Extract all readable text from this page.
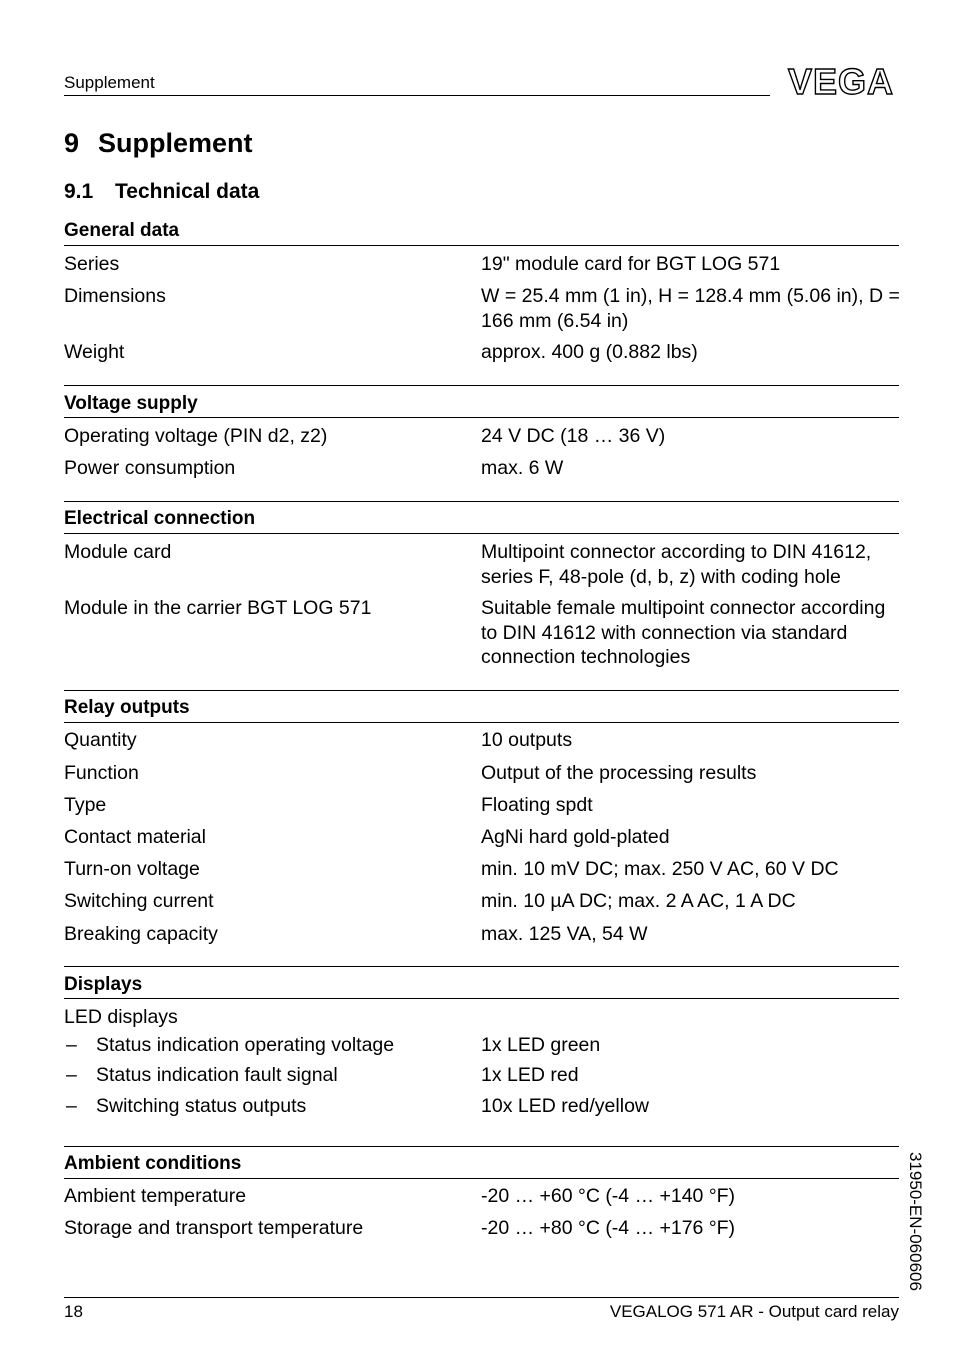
Supplement	VEGA
9 Supplement
9.1 Technical data
General data
Series	19" module card for BGT LOG 571
Dimensions	W = 25.4 mm (1 in), H = 128.4 mm (5.06 in), D = 166 mm (6.54 in)
Weight	approx. 400 g (0.882 lbs)
Voltage supply
Operating voltage (PIN d2, z2)	24 V DC (18 … 36 V)
Power consumption	max. 6 W
Electrical connection
Module card	Multipoint connector according to DIN 41612, series F, 48-pole (d, b, z) with coding hole
Module in the carrier BGT LOG 571	Suitable female multipoint connector according to DIN 41612 with connection via standard connection technologies
Relay outputs
Quantity	10 outputs
Function	Output of the processing results
Type	Floating spdt
Contact material	AgNi hard gold-plated
Turn-on voltage	min. 10 mV DC; max. 250 V AC, 60 V DC
Switching current	min. 10 µA DC; max. 2 A AC, 1 A DC
Breaking capacity	max. 125 VA, 54 W
Displays
LED displays
– Status indication operating voltage	1x LED green
– Status indication fault signal	1x LED red
– Switching status outputs	10x LED red/yellow
Ambient conditions
Ambient temperature	-20 … +60 °C (-4 … +140 °F)
Storage and transport temperature	-20 … +80 °C (-4 … +176 °F)	31950-EN-060606
18	VEGALOG 571 AR - Output card relay
